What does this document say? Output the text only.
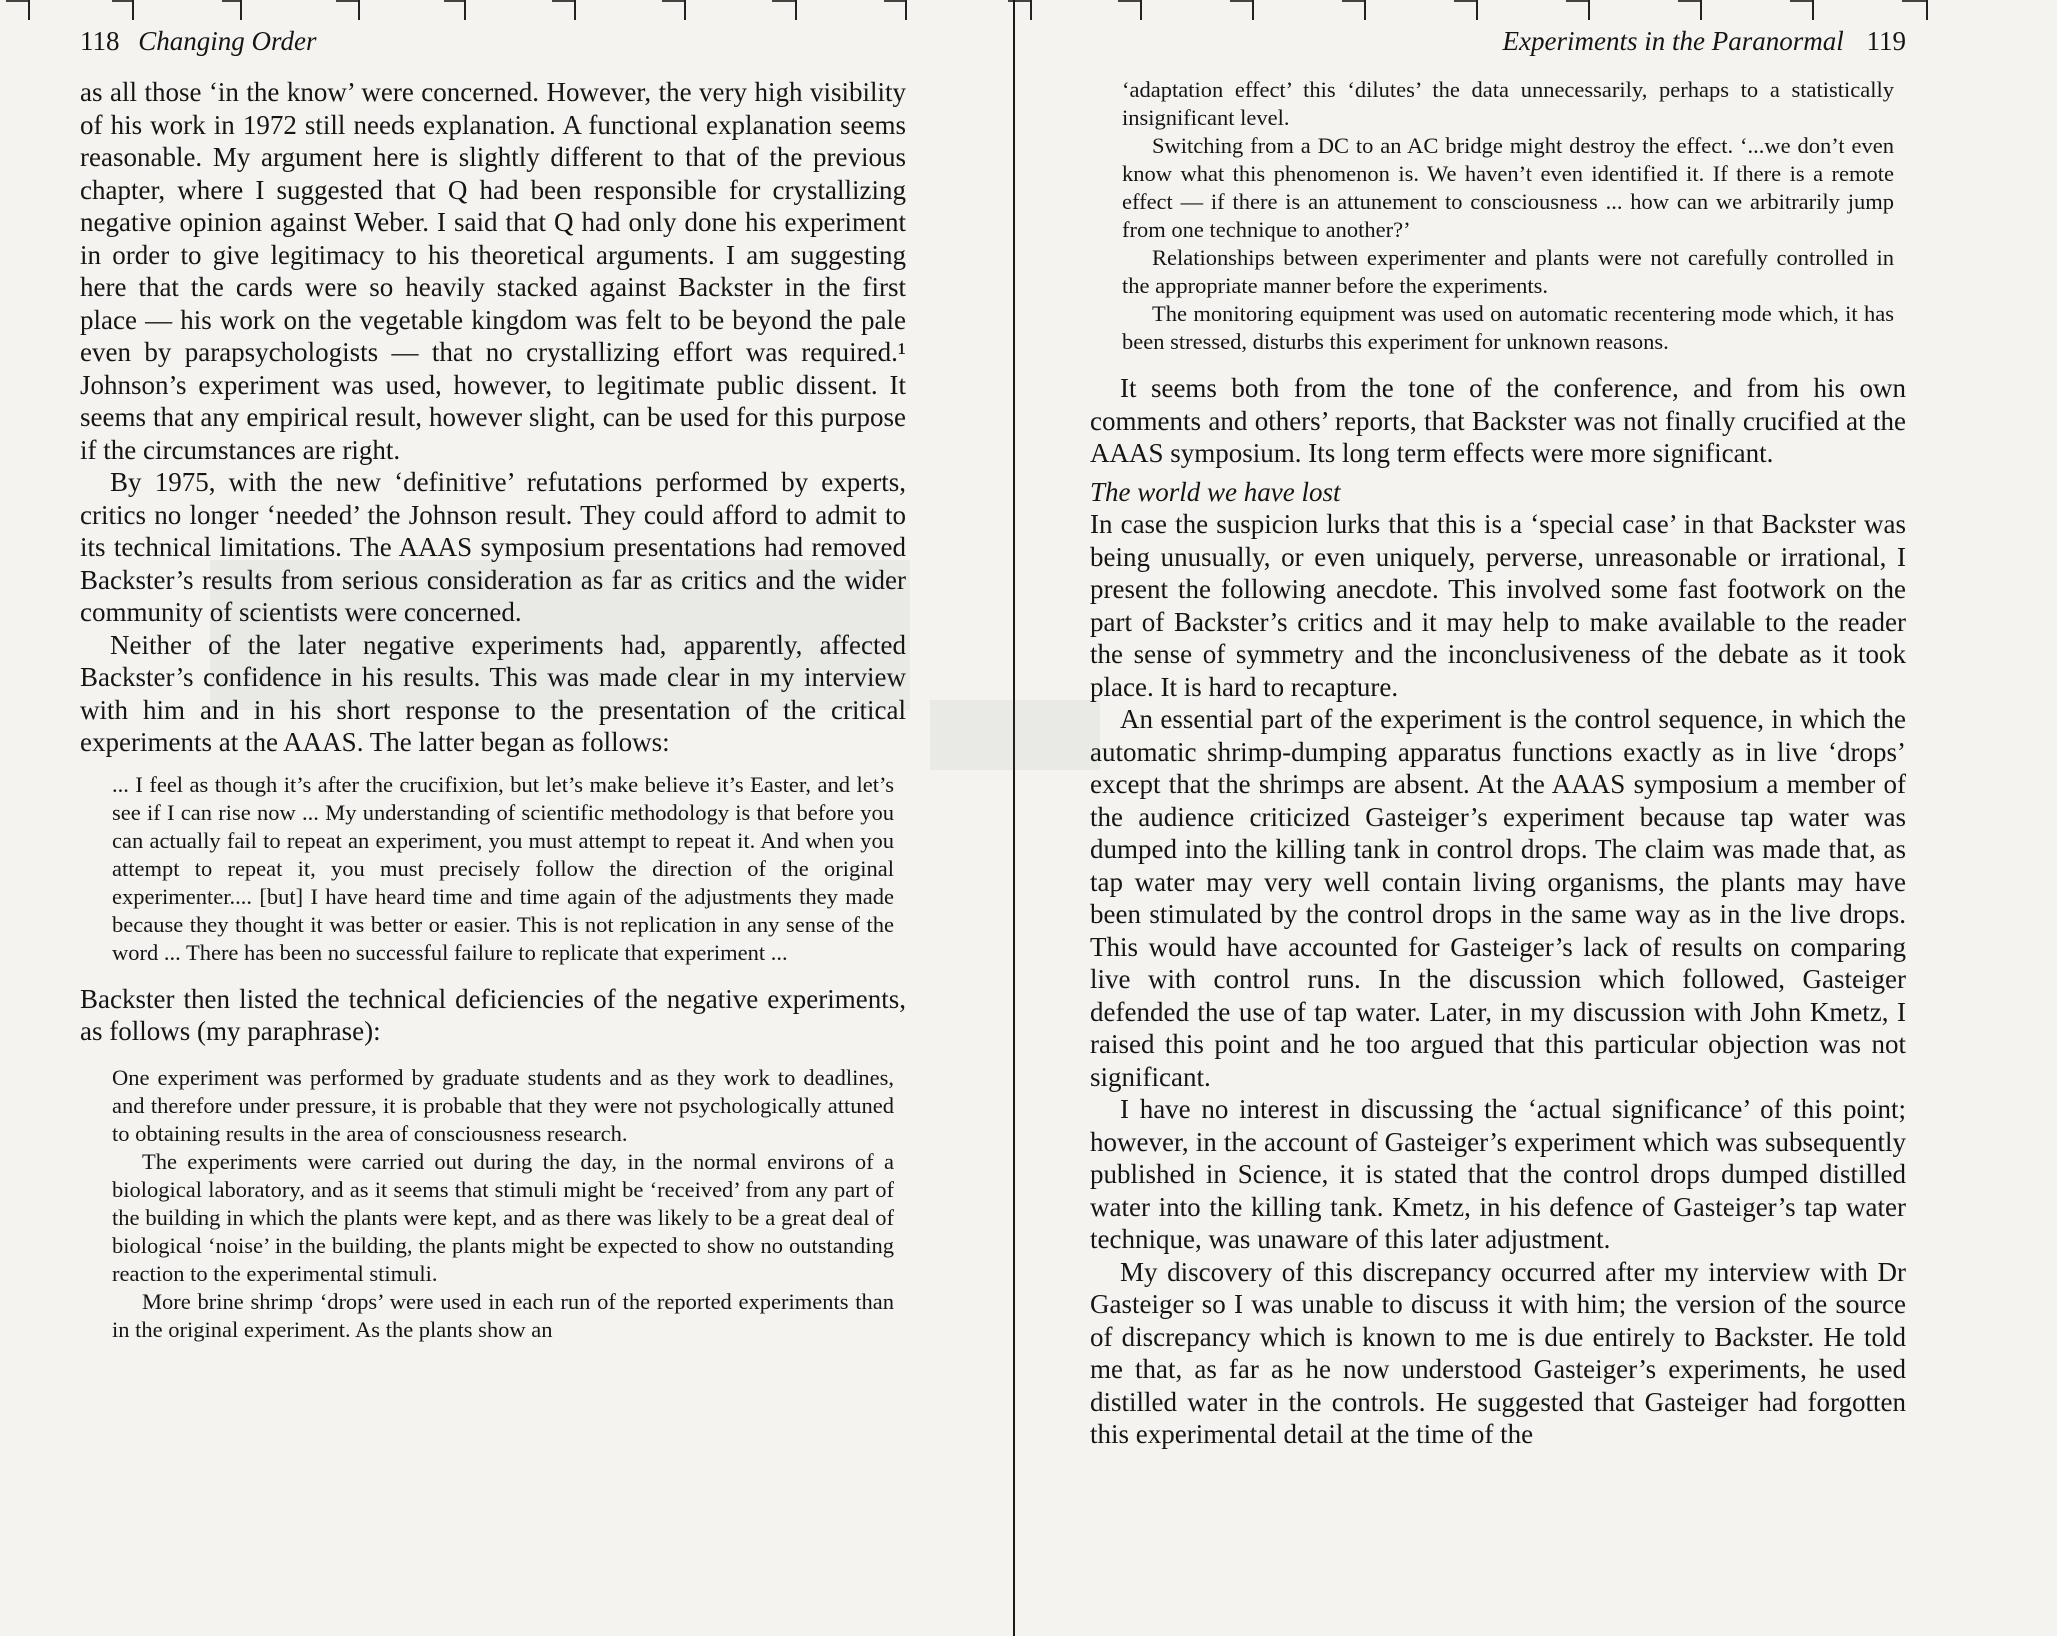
118 Changing Order

as all those ‘in the know’ were concerned. However, the very high visibility of his work in 1972 still needs explanation. A functional explanation seems reasonable. My argument here is slightly different to that of the previous chapter, where I suggested that Q had been responsible for crystallizing negative opinion against Weber. I said that Q had only done his experiment in order to give legitimacy to his theoretical arguments. I am suggesting here that the cards were so heavily stacked against Backster in the first place — his work on the vegetable kingdom was felt to be beyond the pale even by parapsychologists — that no crystallizing effort was required.¹ Johnson’s experiment was used, however, to legitimate public dissent. It seems that any empirical result, however slight, can be used for this purpose if the circumstances are right.

By 1975, with the new ‘definitive’ refutations performed by experts, critics no longer ‘needed’ the Johnson result. They could afford to admit to its technical limitations. The AAAS symposium presentations had removed Backster’s results from serious consideration as far as critics and the wider community of scientists were concerned.

Neither of the later negative experiments had, apparently, affected Backster’s confidence in his results. This was made clear in my interview with him and in his short response to the presentation of the critical experiments at the AAAS. The latter began as follows:

... I feel as though it’s after the crucifixion, but let’s make believe it’s Easter, and let’s see if I can rise now ... My understanding of scientific methodology is that before you can actually fail to repeat an experiment, you must attempt to repeat it. And when you attempt to repeat it, you must precisely follow the direction of the original experimenter.... [but] I have heard time and time again of the adjustments they made because they thought it was better or easier. This is not replication in any sense of the word ... There has been no successful failure to replicate that experiment ...

Backster then listed the technical deficiencies of the negative experiments, as follows (my paraphrase):

One experiment was performed by graduate students and as they work to deadlines, and therefore under pressure, it is probable that they were not psychologically attuned to obtaining results in the area of consciousness research.

The experiments were carried out during the day, in the normal environs of a biological laboratory, and as it seems that stimuli might be ‘received’ from any part of the building in which the plants were kept, and as there was likely to be a great deal of biological ‘noise’ in the building, the plants might be expected to show no outstanding reaction to the experimental stimuli.

More brine shrimp ‘drops’ were used in each run of the reported experiments than in the original experiment. As the plants show an

Experiments in the Paranormal 119

‘adaptation effect’ this ‘dilutes’ the data unnecessarily, perhaps to a statistically insignificant level.

Switching from a DC to an AC bridge might destroy the effect. ‘...we don’t even know what this phenomenon is. We haven’t even identified it. If there is a remote effect — if there is an attunement to consciousness ... how can we arbitrarily jump from one technique to another?’

Relationships between experimenter and plants were not carefully controlled in the appropriate manner before the experiments.

The monitoring equipment was used on automatic recentering mode which, it has been stressed, disturbs this experiment for unknown reasons.

It seems both from the tone of the conference, and from his own comments and others’ reports, that Backster was not finally crucified at the AAAS symposium. Its long term effects were more significant.

The world we have lost

In case the suspicion lurks that this is a ‘special case’ in that Backster was being unusually, or even uniquely, perverse, unreasonable or irrational, I present the following anecdote. This involved some fast footwork on the part of Backster’s critics and it may help to make available to the reader the sense of symmetry and the inconclusiveness of the debate as it took place. It is hard to recapture.

An essential part of the experiment is the control sequence, in which the automatic shrimp-dumping apparatus functions exactly as in live ‘drops’ except that the shrimps are absent. At the AAAS symposium a member of the audience criticized Gasteiger’s experiment because tap water was dumped into the killing tank in control drops. The claim was made that, as tap water may very well contain living organisms, the plants may have been stimulated by the control drops in the same way as in the live drops. This would have accounted for Gasteiger’s lack of results on comparing live with control runs. In the discussion which followed, Gasteiger defended the use of tap water. Later, in my discussion with John Kmetz, I raised this point and he too argued that this particular objection was not significant.

I have no interest in discussing the ‘actual significance’ of this point; however, in the account of Gasteiger’s experiment which was subsequently published in Science, it is stated that the control drops dumped distilled water into the killing tank. Kmetz, in his defence of Gasteiger’s tap water technique, was unaware of this later adjustment.

My discovery of this discrepancy occurred after my interview with Dr Gasteiger so I was unable to discuss it with him; the version of the source of discrepancy which is known to me is due entirely to Backster. He told me that, as far as he now understood Gasteiger’s experiments, he used distilled water in the controls. He suggested that Gasteiger had forgotten this experimental detail at the time of the
